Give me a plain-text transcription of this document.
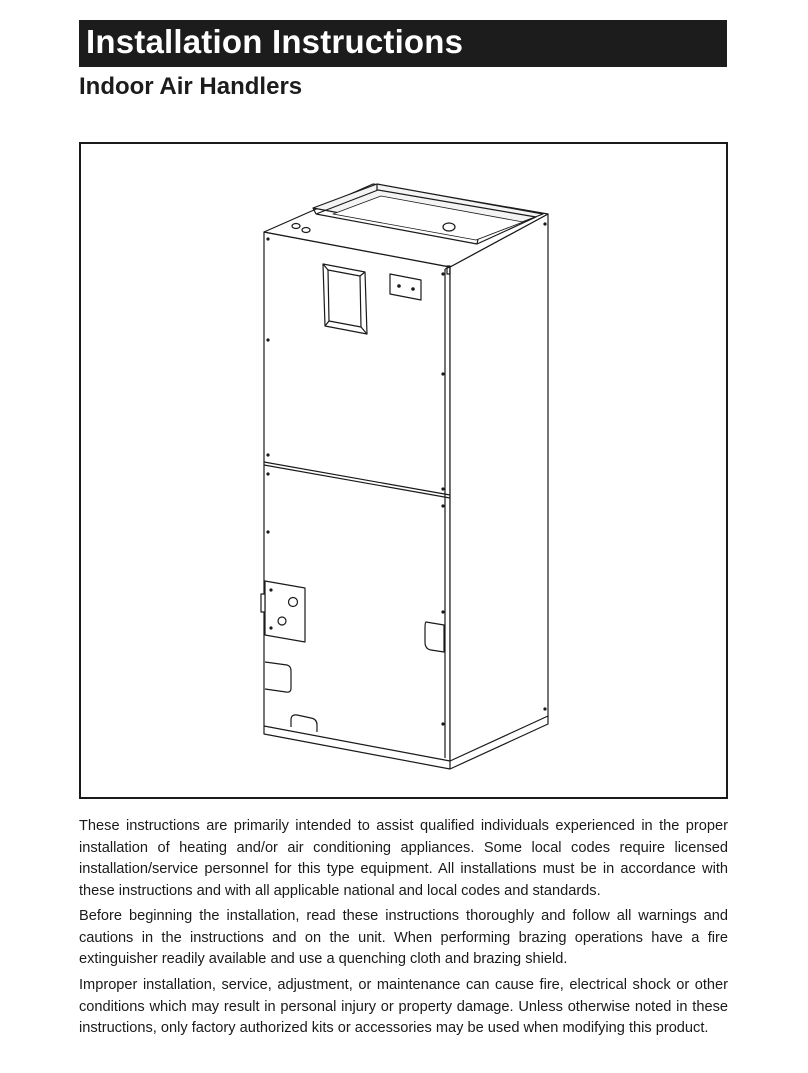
Installation Instructions
Indoor Air Handlers

These instructions are primarily intended to assist qualified individuals experienced in the proper installation of heating and/or air conditioning appliances. Some local codes require licensed installation/service personnel for this type equipment. All installations must be in accordance with these instructions and with all applicable national and local codes and standards.

Before beginning the installation, read these instructions thoroughly and follow all warnings and cautions in the instructions and on the unit. When performing brazing operations have a fire extinguisher readily available and use a quenching cloth and brazing shield.

Improper installation, service, adjustment, or maintenance can cause fire, electrical shock or other conditions which may result in personal injury or property damage. Unless otherwise noted in these instructions, only factory authorized kits or accessories may be used when modifying this product.
